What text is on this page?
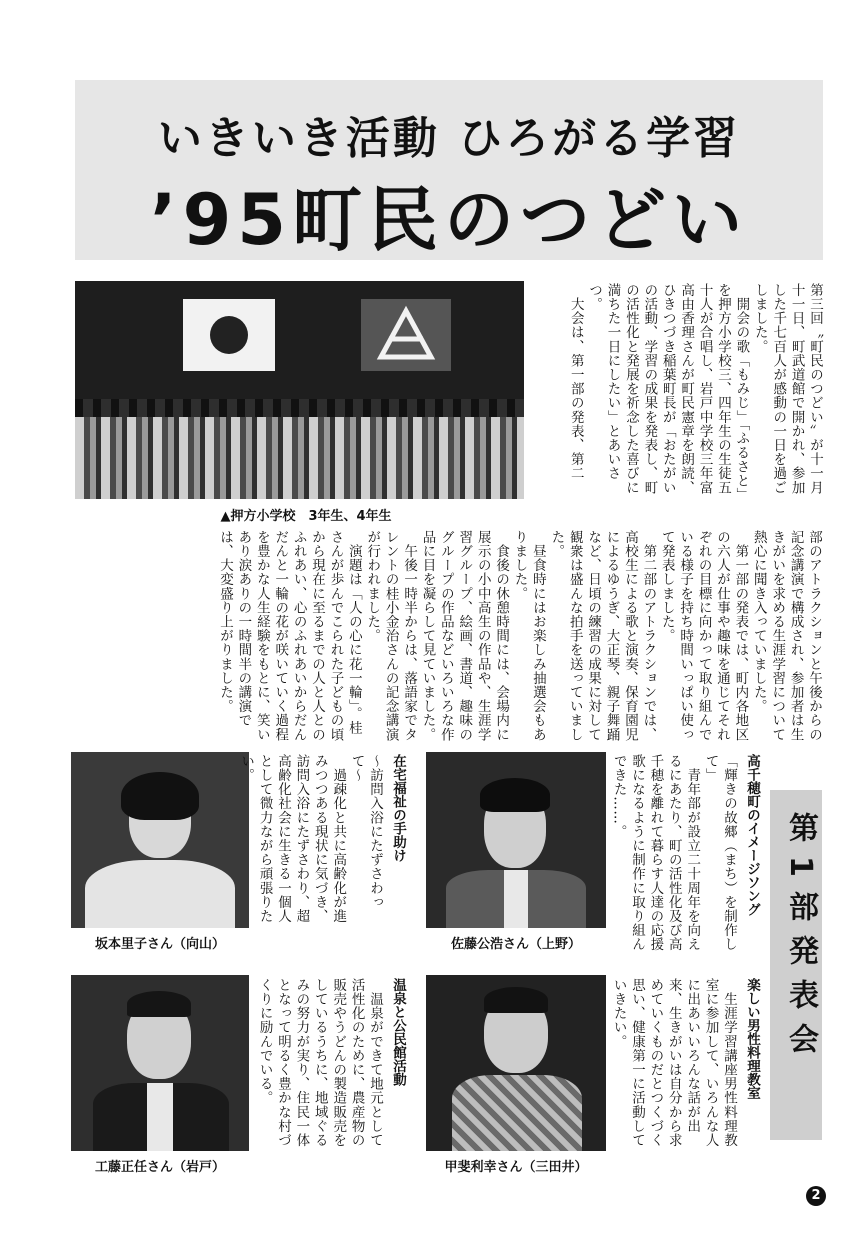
いきいき活動 ひろがる学習
’95町民のつどい
▲押方小学校　3年生、4年生
第三回〝町民のつどい〟が十一月十一日、町武道館で開かれ、参加した千七百人が感動の一日を過ごしました。
　開会の歌「もみじ」「ふるさと」を押方小学校三、四年生の生徒五十人が合唱し、岩戸中学校三年富高由香理さんが町民憲章を朗読、ひきつづき稲葉町長が「おたがいの活動、学習の成果を発表し、町の活性化と発展を祈念した喜びに満ちた一日にしたい」とあいさつ。
　大会は、第一部の発表、第二
部のアトラクションと午後からの記念講演で構成され、参加者は生きがいを求める生涯学習について熱心に聞き入っていました。
　第一部の発表では、町内各地区の六人が仕事や趣味を通じてそれぞれの目標に向かって取り組んでいる様子を持ち時間いっぱい使って発表しました。
　第二部のアトラクションでは、高校生による歌と演奏、保育園児によるゆうぎ、大正琴、親子舞踊など、日頃の練習の成果に対して観衆は盛んな拍手を送っていました。
　昼食時にはお楽しみ抽選会もありました。
　食後の休憩時間には、会場内に展示の小中高生の作品や、生涯学習グループ、絵画、書道、趣味のグループの作品などいろいろな作品に目を凝らして見ていました。
　午後一時半からは、落語家でタレントの桂小金治さんの記念講演が行われました。
　演題は「人の心に花一輪」。桂さんが歩んでこられた子どもの頃から現在に至るまでの人と人とのふれあい、心のふれあいからだんだんと一輪の花が咲いていく過程を豊かな人生経験をもとに、笑いあり涙ありの一時間半の講演では、大変盛り上がりました。
坂本里子さん（向山）	佐藤公浩さん（上野）
工藤正任さん（岩戸）	甲斐利幸さん（三田井）
在宅福祉の手助け
〜訪問入浴にたずさわって〜
　過疎化と共に高齢化が進みつつある現状に気づき、訪問入浴にたずさわり、超高齢化社会に生きる一個人として微力ながら頑張りたい。
温泉と公民館活動
　温泉ができて地元として活性化のために、農産物の販売やうどんの製造販売をしているうちに、地域ぐるみの努力が実り、住民一体となって明るく豊かな村づくりに励んでいる。
高千穂町のイメージソング
「輝きの故郷（まち）を制作して」
　青年部が設立二十周年を向えるにあたり、町の活性化及び高千穂を離れて暮らす人達の応援歌になるように制作に取り組んできた……。
楽しい男性料理教室
　生涯学習講座男性料理教室に参加して、いろんな人に出あいいろんな話が出来、生きがいは自分から求めていくものだとつくづく思い、健康第一に活動していきたい。	第1部発表会
2
